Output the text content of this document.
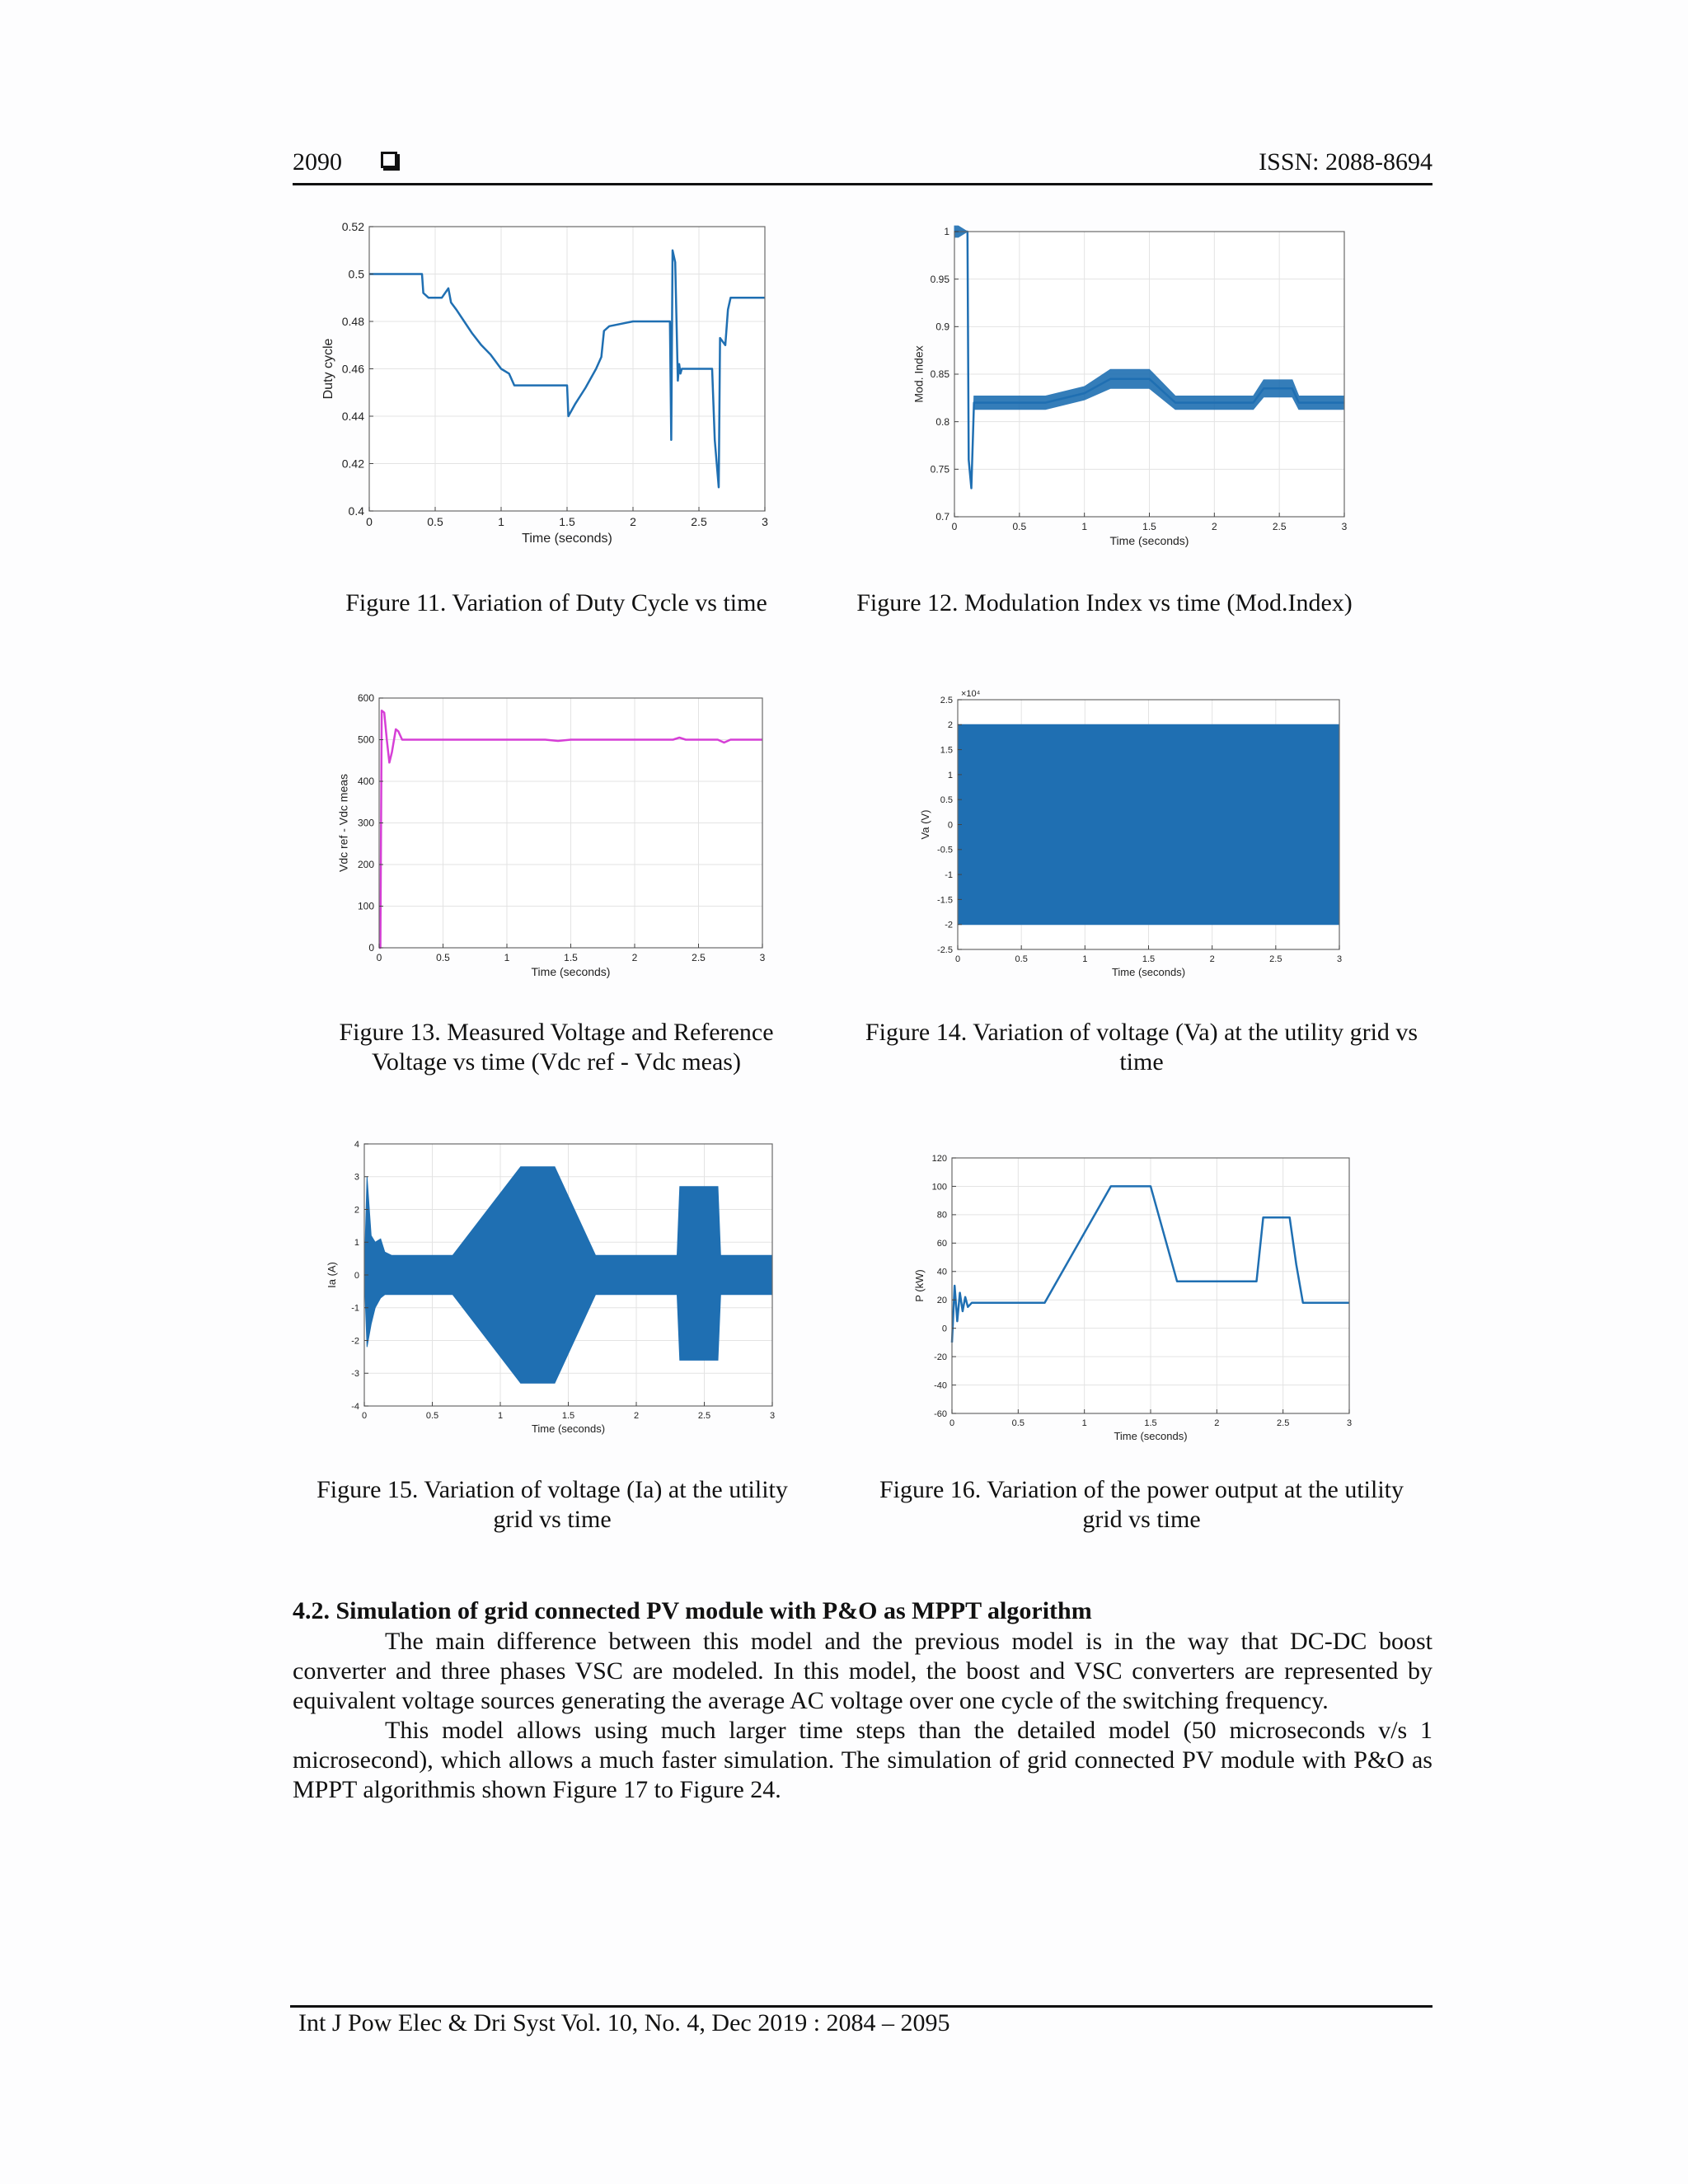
2090	ISSN: 2088-8694
0	0.5	1	1.5	2	2.5	3
0.4
0.42
0.44
0.46
0.48
0.5
0.52
Time (seconds)
Duty cycle
Figure 11. Variation of Duty Cycle vs time
0	0.5	1	1.5	2	2.5	3
0.7
0.75
0.8
0.85
0.9
0.95
1
Time (seconds)
Mod. Index
Figure 12. Modulation Index vs time (Mod.Index)
0	0.5	1	1.5	2	2.5	3
0
100
200
300
400
500
600
Time (seconds)
Vdc ref - Vdc meas
Figure 13. Measured Voltage and Reference
Voltage vs time (Vdc ref - Vdc meas)
0	0.5	1	1.5	2	2.5	3
-2.5
-2
-1.5
-1
-0.5
0
0.5
1
1.5
2
2.5
Time (seconds)
Va (V)
×10⁴
Figure 14. Variation of voltage (Va) at the utility grid vs
time
0	0.5	1	1.5	2	2.5	3
-4
-3
-2
-1
0
1
2
3
4
Time (seconds)
Ia (A)
Figure 15. Variation of voltage (Ia) at the utility
grid vs time
0	0.5	1	1.5	2	2.5	3
-60
-40
-20
0
20
40
60
80
100
120
Time (seconds)
P (kW)
Figure 16. Variation of the power output at the utility
grid vs time
4.2. Simulation of grid connected PV module with P&O as MPPT algorithm
The main difference between this model and the previous model is in the way that DC-DC boost converter and three phases VSC are modeled. In this model, the boost and VSC converters are represented by equivalent voltage sources generating the average AC voltage over one cycle of the switching frequency.
This model allows using much larger time steps than the detailed model (50 microseconds v/s 1 microsecond), which allows a much faster simulation. The simulation of grid connected PV module with P&O as MPPT algorithmis shown Figure 17 to Figure 24.
Int J Pow Elec & Dri Syst Vol. 10, No. 4, Dec 2019 : 2084 – 2095
